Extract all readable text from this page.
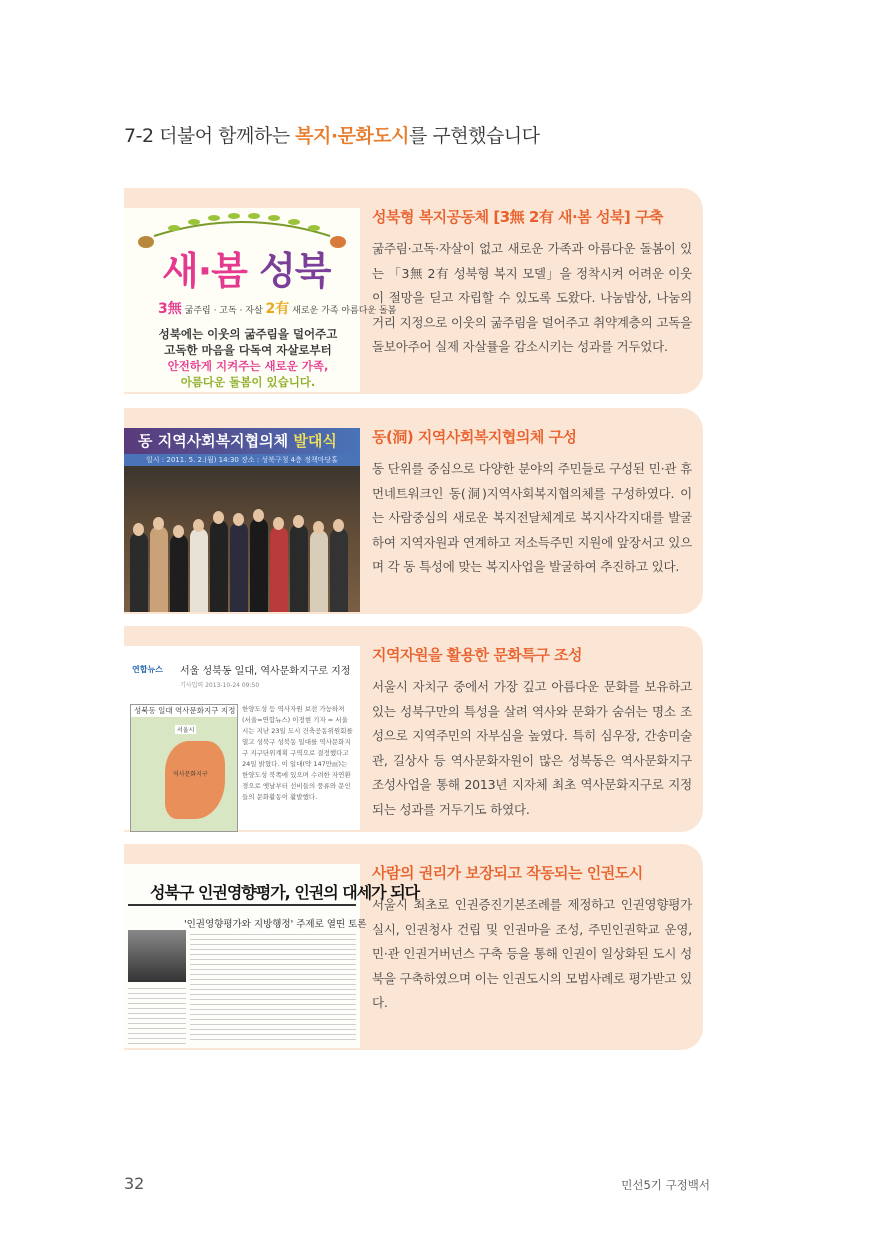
7-2 더불어 함께하는 복지·문화도시를 구현했습니다
새·봄 성북
3無 굶주림 · 고독 · 자살 2有 새로운 가족 아름다운 돌봄
성북에는 이웃의 굶주림을 덜어주고
고독한 마음을 다독여 자살로부터
안전하게 지켜주는 새로운 가족,
아름다운 돌봄이 있습니다.
성북형 복지공동체 [3無 2有 새·봄 성북] 구축
굶주림·고독·자살이 없고 새로운 가족과 아름다운 돌봄이 있는 「3無 2有 성북형 복지 모델」을 정착시켜 어려운 이웃이 절망을 딛고 자립할 수 있도록 도왔다. 나눔밥상, 나눔의 거리 지정으로 이웃의 굶주림을 덜어주고 취약계층의 고독을 돌보아주어 실제 자살률을 감소시키는 성과를 거두었다.
동 지역사회복지협의체 발대식
일시 : 2011. 5. 2.(월) 14:30 장소 : 성북구청 4층 정책마당홀
동(洞) 지역사회복지협의체 구성
동 단위를 중심으로 다양한 분야의 주민들로 구성된 민·관 휴먼네트워크인 동(洞)지역사회복지협의체를 구성하였다. 이는 사람중심의 새로운 복지전달체계로 복지사각지대를 발굴하여 지역자원과 연계하고 저소득주민 지원에 앞장서고 있으며 각 동 특성에 맞는 복지사업을 발굴하여 추진하고 있다.
연합뉴스 서울 성북동 일대, 역사문화지구로 지정
기사입력 2013-10-24 09:50
성북동 일대 역사문화지구 지정
서울시
역사문화지구
한양도성 등 역사자원 보전 가능하져 (서울=연합뉴스) 이정현 기자 = 서울시는 지난 23일 도시 건축공동위원회를 열고 성북구 성북동 일대를 역사문화지구 지구단위계획 구역으로 결정했다고 24일 밝혔다. 이 일대(약 147만㎡)는 한양도성 북쪽에 있으며 수려한 자연환경으로 옛날부터 선비들의 풍류와 문인들의 문화활동이 활발했다.
지역자원을 활용한 문화특구 조성
서울시 자치구 중에서 가장 깊고 아름다운 문화를 보유하고 있는 성북구만의 특성을 살려 역사와 문화가 숨쉬는 명소 조성으로 지역주민의 자부심을 높였다. 특히 심우장, 간송미술관, 길상사 등 역사문화자원이 많은 성북동은 역사문화지구 조성사업을 통해 2013년 지자체 최초 역사문화지구로 지정되는 성과를 거두기도 하였다.
성북구 인권영향평가, 인권의 대세가 되다
'인권영향평가와 지방행정' 주제로 열띤 토론
사람의 권리가 보장되고 작동되는 인권도시
서울시 최초로 인권증진기본조례를 제정하고 인권영향평가 실시, 인권청사 건립 및 인권마을 조성, 주민인권학교 운영, 민·관 인권거버넌스 구축 등을 통해 인권이 일상화된 도시 성북을 구축하였으며 이는 인권도시의 모범사례로 평가받고 있다.
32	민선5기 구정백서
